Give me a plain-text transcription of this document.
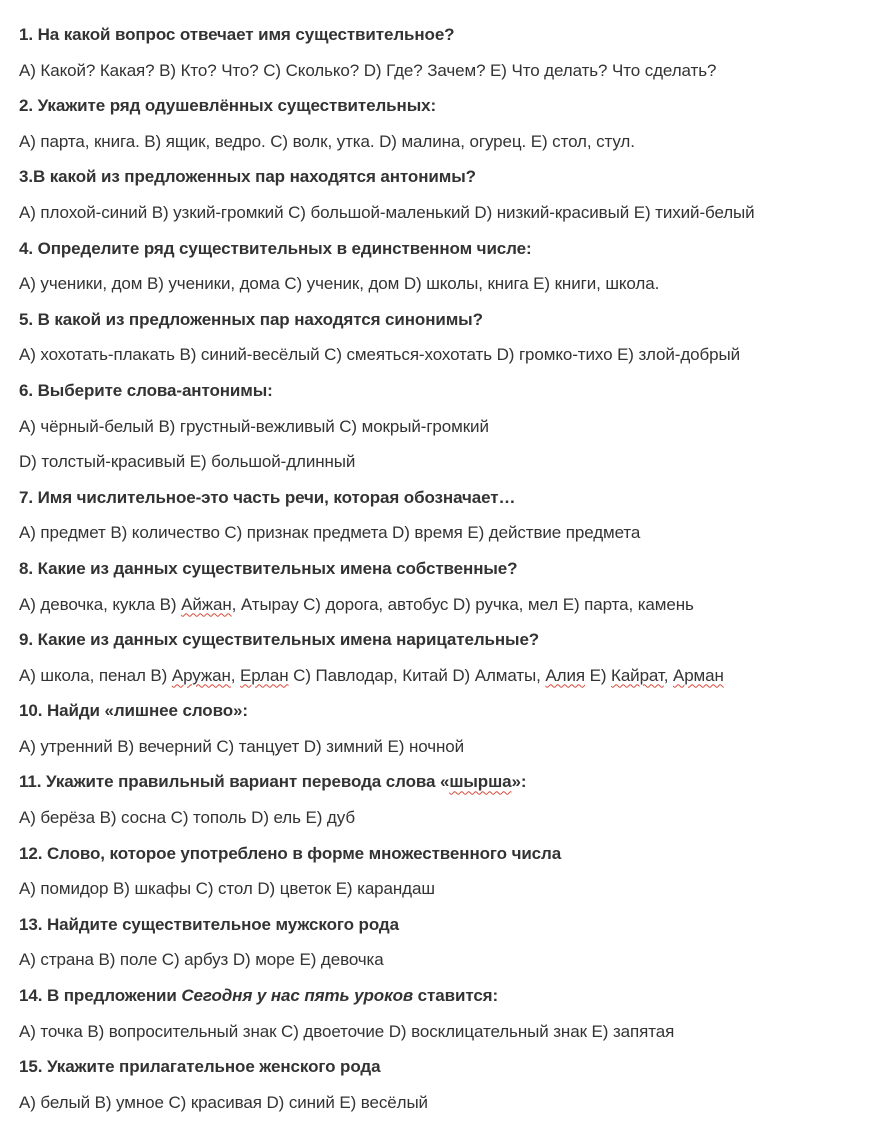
1. На какой вопрос отвечает имя существительное?
А) Какой? Какая? В) Кто? Что? С) Сколько? D) Где? Зачем? Е) Что делать? Что сделать?
2. Укажите ряд одушевлённых существительных:
А) парта, книга. В) ящик, ведро. С) волк, утка. D) малина, огурец. Е) стол, стул.
3.В какой из предложенных пар находятся антонимы?
А) плохой-синий В) узкий-громкий С) большой-маленький D) низкий-красивый Е) тихий-белый
4. Определите ряд существительных в единственном числе:
А) ученики, дом В) ученики, дома С) ученик, дом D) школы, книга Е) книги, школа.
5. В какой из предложенных пар находятся синонимы?
А) хохотать-плакать В) синий-весёлый С) смеяться-хохотать D) громко-тихо Е) злой-добрый
6. Выберите слова-антонимы:
А) чёрный-белый В) грустный-вежливый С) мокрый-громкий
D) толстый-красивый Е) большой-длинный
7. Имя числительное-это часть речи, которая обозначает…
А) предмет В) количество С) признак предмета D) время Е) действие предмета
8. Какие из данных существительных имена собственные?
А) девочка, кукла В) Айжан, Атырау С) дорога, автобус D) ручка, мел Е) парта, камень
9. Какие из данных существительных имена нарицательные?
А) школа, пенал В) Аружан, Ерлан С) Павлодар, Китай D) Алматы, Алия Е) Кайрат, Арман
10. Найди «лишнее слово»:
А) утренний В) вечерний С) танцует D) зимний Е) ночной
11. Укажите правильный вариант перевода слова «шырша»:
А) берёза В) сосна С) тополь D) ель Е) дуб
12. Слово, которое употреблено в форме множественного числа
А) помидор В) шкафы С) стол D) цветок Е) карандаш
13. Найдите существительное мужского рода
А) страна В) поле С) арбуз D) море Е) девочка
14. В предложении Сегодня у нас пять уроков ставится:
А) точка В) вопросительный знак С) двоеточие D) восклицательный знак Е) запятая
15. Укажите прилагательное женского рода
А) белый В) умное С) красивая D) синий Е) весёлый
